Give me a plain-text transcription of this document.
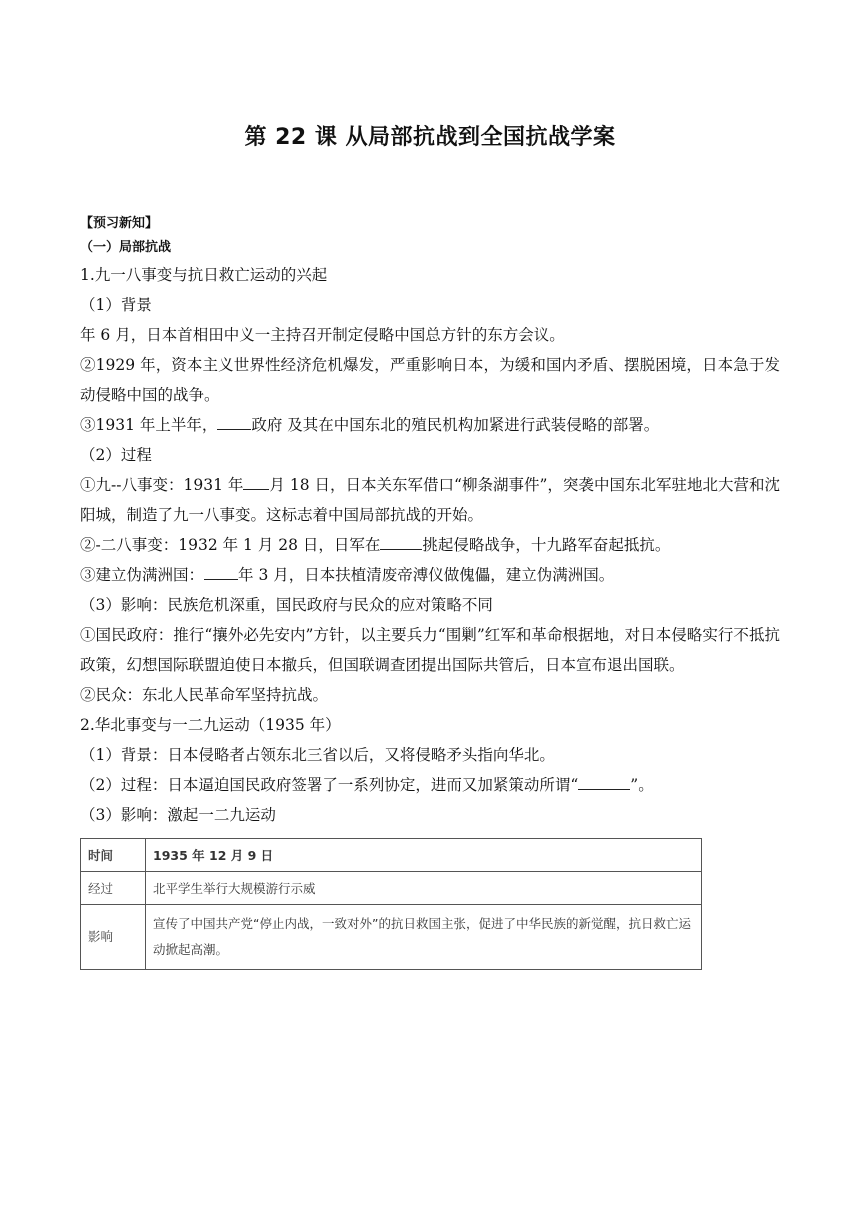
第 22 课 从局部抗战到全国抗战学案
【预习新知】
（一）局部抗战
1.九一八事变与抗日救亡运动的兴起
（1）背景
年 6 月，日本首相田中义一主持召开制定侵略中国总方针的东方会议。
②1929 年，资本主义世界性经济危机爆发，严重影响日本，为缓和国内矛盾、摆脱困境，日本急于发动侵略中国的战争。
③1931 年上半年， 政府 及其在中国东北的殖民机构加紧进行武装侵略的部署。
（2）过程
①九--八事变：1931 年 月 18 日，日本关东军借口“柳条湖事件”，突袭中国东北军驻地北大营和沈阳城，制造了九一八事变。这标志着中国局部抗战的开始。
②-二八事变：1932 年 1 月 28 日，日军在	挑起侵略战争，十九路军奋起抵抗。
③建立伪满洲国： 年 3 月，日本扶植清废帝溥仪做傀儡，建立伪满洲国。
（3）影响：民族危机深重，国民政府与民众的应对策略不同
①国民政府：推行“攘外必先安内”方针，以主要兵力“围剿”红军和革命根据地，对日本侵略实行不抵抗政策，幻想国际联盟迫使日本撤兵，但国联调查团提出国际共管后，日本宣布退出国联。
②民众：东北人民革命军坚持抗战。
2.华北事变与一二九运动（1935 年）
（1）背景：日本侵略者占领东北三省以后，又将侵略矛头指向华北。
（2）过程：日本逼迫国民政府签署了一系列协定，进而又加紧策动所谓“	”。
（3）影响：激起一二九运动
时间	1935 年 12 月 9 日
经过	北平学生举行大规模游行示威
影响	宣传了中国共产党“停止内战，一致对外”的抗日救国主张，促进了中华民族的新觉醒，抗日救亡运动掀起高潮。
